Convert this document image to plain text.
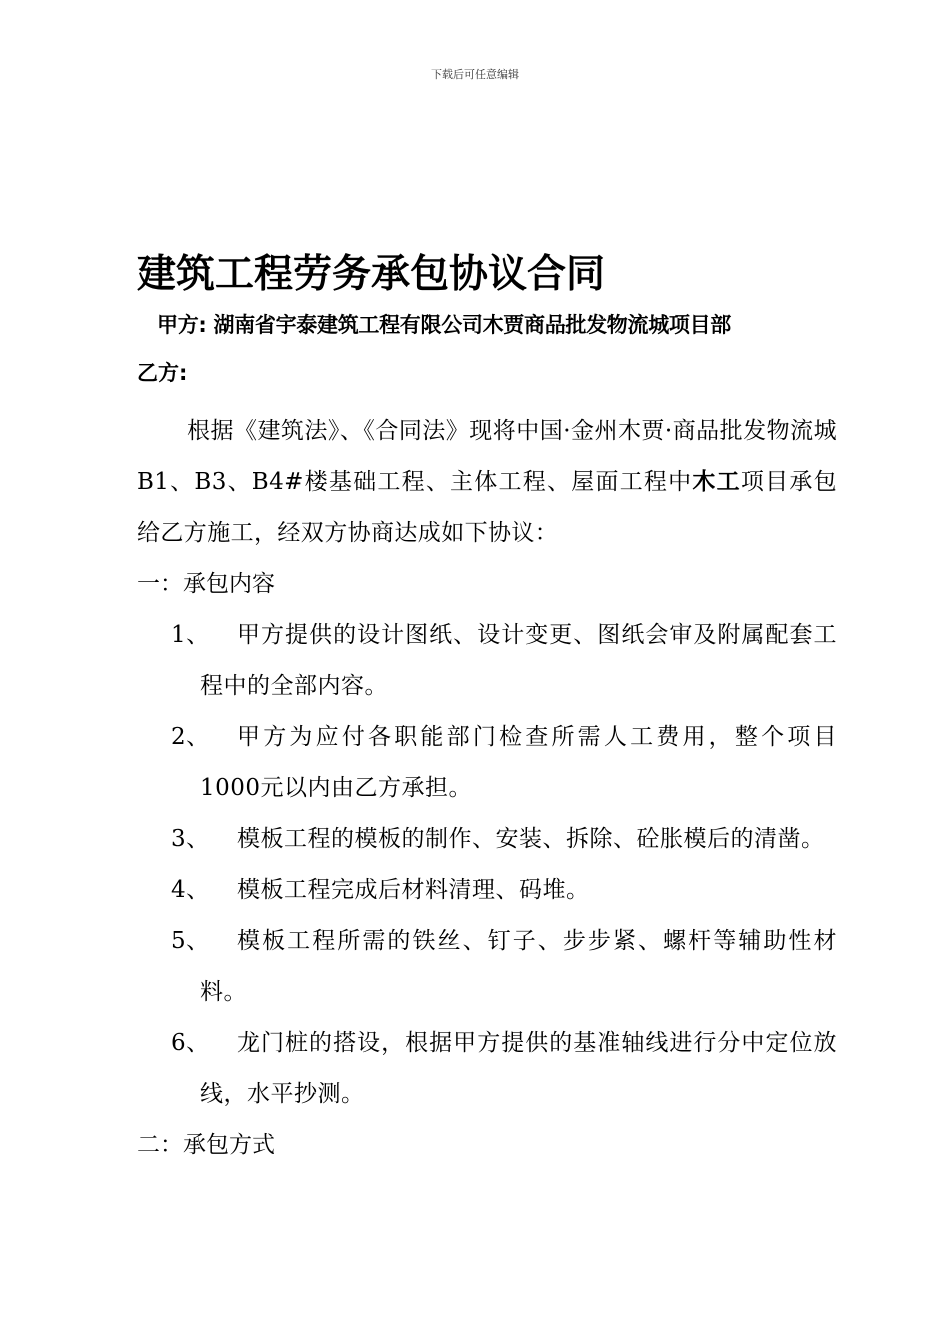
下载后可任意编辑
建筑工程劳务承包协议合同
甲方: 湖南省宇泰建筑工程有限公司木贾商品批发物流城项目部
乙方:
根据《建筑法》、《合同法》现将中国·金州木贾·商品批发物流城 B1、B3、B4#楼基础工程、主体工程、屋面工程中木工项目承包给乙方施工，经双方协商达成如下协议：
一：承包内容
1、	甲方提供的设计图纸、设计变更、图纸会审及附属配套工程中的全部内容。
2、	甲方为应付各职能部门检查所需人工费用，整个项目1000元以内由乙方承担。
3、	模板工程的模板的制作、安装、拆除、砼胀模后的清凿。
4、	模板工程完成后材料清理、码堆。
5、	模板工程所需的铁丝、钉子、步步紧、螺杆等辅助性材料。
6、	龙门桩的搭设，根据甲方提供的基准轴线进行分中定位放线，水平抄测。
二：承包方式
